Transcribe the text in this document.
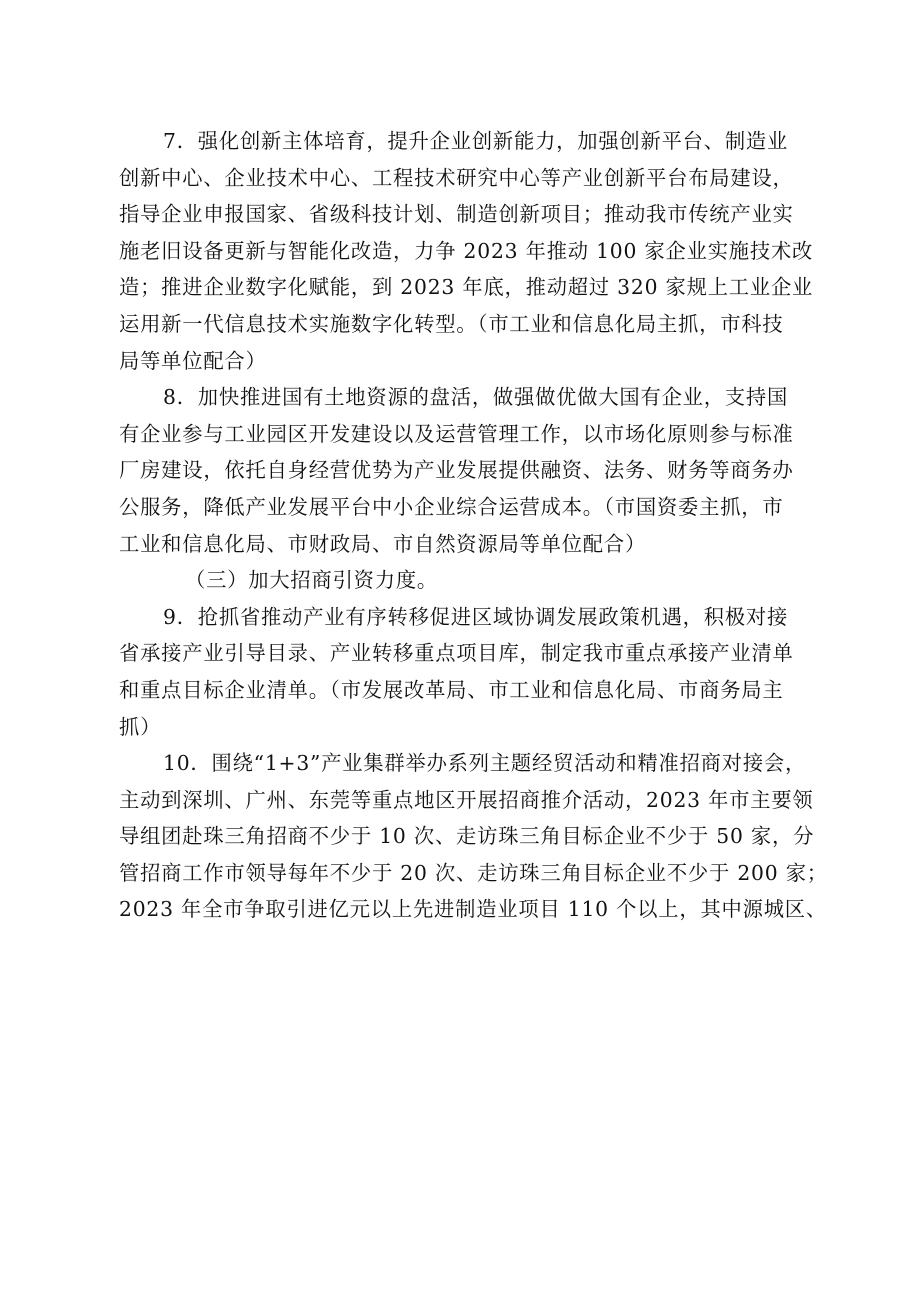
7．强化创新主体培育，提升企业创新能力，加强创新平台、制造业
创新中心、企业技术中心、工程技术研究中心等产业创新平台布局建设，
指导企业申报国家、省级科技计划、制造创新项目；推动我市传统产业实
施老旧设备更新与智能化改造，力争 2023 年推动 100 家企业实施技术改
造；推进企业数字化赋能，到 2023 年底，推动超过 320 家规上工业企业
运用新一代信息技术实施数字化转型。（市工业和信息化局主抓，市科技
局等单位配合）
8．加快推进国有土地资源的盘活，做强做优做大国有企业，支持国
有企业参与工业园区开发建设以及运营管理工作，以市场化原则参与标准
厂房建设，依托自身经营优势为产业发展提供融资、法务、财务等商务办
公服务，降低产业发展平台中小企业综合运营成本。（市国资委主抓，市
工业和信息化局、市财政局、市自然资源局等单位配合）
（三）加大招商引资力度。
9．抢抓省推动产业有序转移促进区域协调发展政策机遇，积极对接
省承接产业引导目录、产业转移重点项目库，制定我市重点承接产业清单
和重点目标企业清单。（市发展改革局、市工业和信息化局、市商务局主
抓）
10．围绕“1+3”产业集群举办系列主题经贸活动和精准招商对接会，
主动到深圳、广州、东莞等重点地区开展招商推介活动，2023 年市主要领
导组团赴珠三角招商不少于 10 次、走访珠三角目标企业不少于 50 家，分
管招商工作市领导每年不少于 20 次、走访珠三角目标企业不少于 200 家；
2023 年全市争取引进亿元以上先进制造业项目 110 个以上，其中源城区、
